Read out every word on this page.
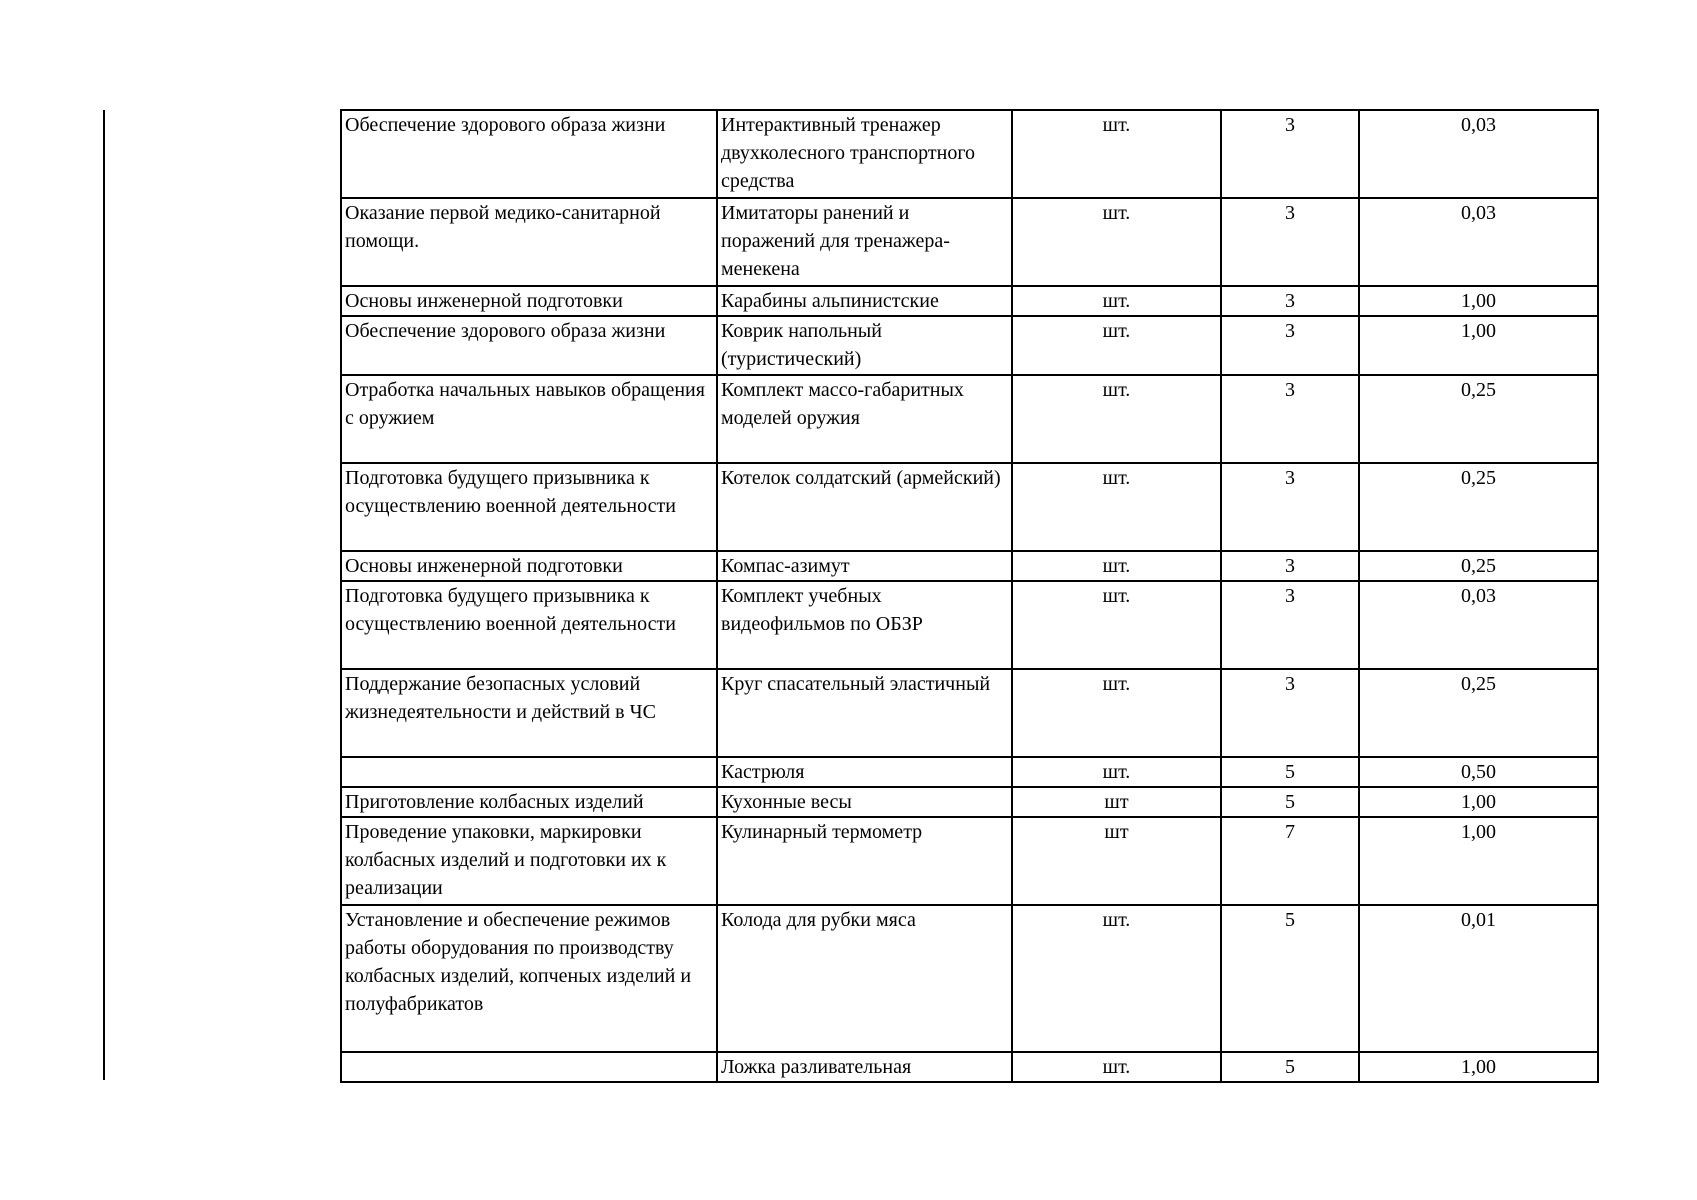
Обеспечение здорового образа жизни	Интерактивный тренажер двухколесного транспортного средства	шт.	3	0,03
Оказание первой медико-санитарной помощи.	Имитаторы ранений и поражений для тренажера-менекена	шт.	3	0,03
Основы инженерной подготовки	Карабины альпинистские	шт.	3	1,00
Обеспечение здорового образа жизни	Коврик напольный (туристический)	шт.	3	1,00
Отработка начальных навыков обращения с оружием	Комплект массо-габаритных моделей оружия	шт.	3	0,25
Подготовка будущего призывника к осуществлению военной деятельности	Котелок солдатский (армейский)	шт.	3	0,25
Основы инженерной подготовки	Компас-азимут	шт.	3	0,25
Подготовка будущего призывника к осуществлению военной деятельности	Комплект учебных видеофильмов по ОБЗР	шт.	3	0,03
Поддержание безопасных условий жизнедеятельности и действий в ЧС	Круг спасательный эластичный	шт.	3	0,25
	Кастрюля	шт.	5	0,50
Приготовление колбасных изделий	Кухонные весы	шт	5	1,00
Проведение упаковки, маркировки колбасных изделий и подготовки их к реализации	Кулинарный термометр	шт	7	1,00
Установление и обеспечение режимов работы оборудования по производству колбасных изделий, копченых изделий и полуфабрикатов	Колода для рубки мяса	шт.	5	0,01
	Ложка разливательная	шт.	5	1,00
